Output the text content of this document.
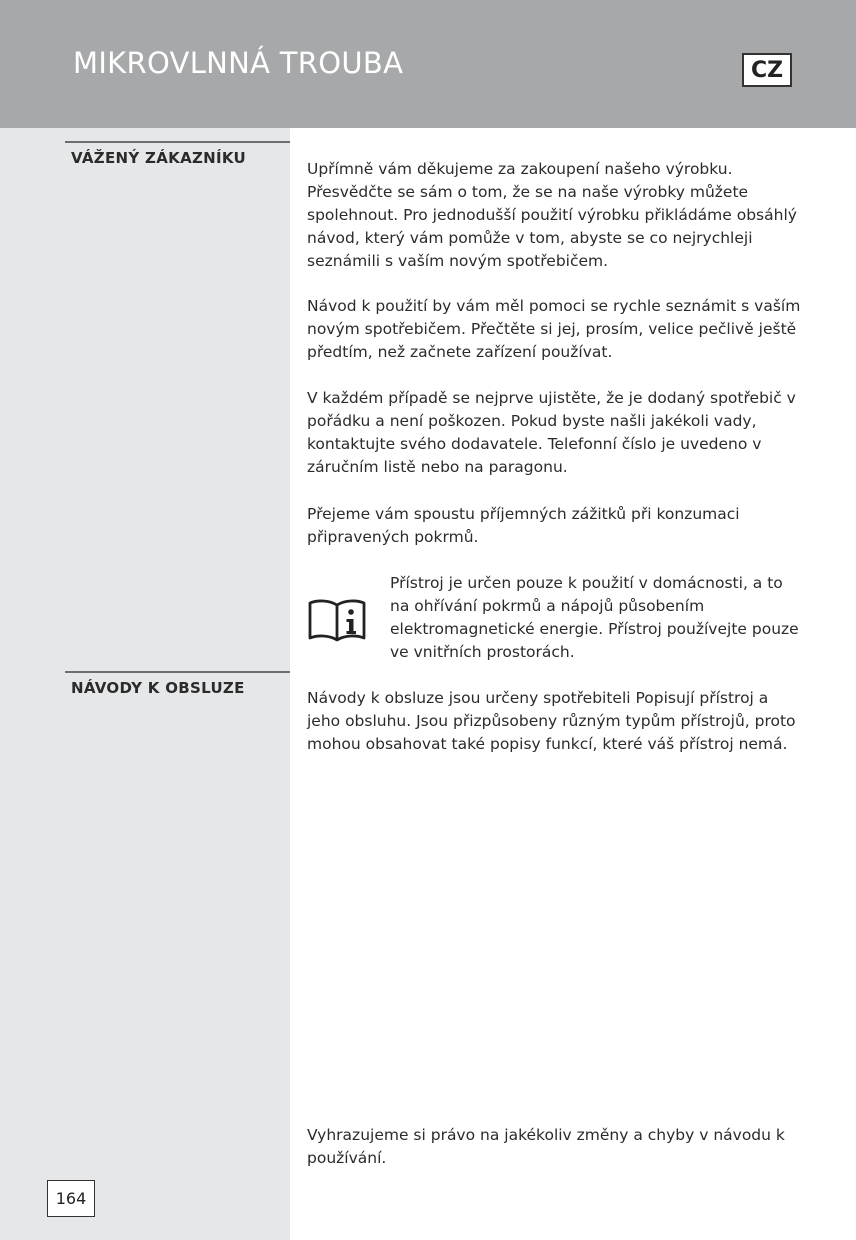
MIKROVLNNÁ TROUBA	CZ
VÁŽENÝ ZÁKAZNÍKU

Upřímně vám děkujeme za zakoupení našeho výrobku. Přesvědčte se sám o tom, že se na naše výrobky můžete spolehnout. Pro jednodušší použití výrobku přikládáme obsáhlý návod, který vám pomůže v tom, abyste se co nejrychleji seznámili s vaším novým spotřebičem.

Návod k použití by vám měl pomoci se rychle seznámit s vaším novým spotřebičem. Přečtěte si jej, prosím, velice pečlivě ještě předtím, než začnete zařízení používat.

V každém případě se nejprve ujistěte, že je dodaný spotřebič v pořádku a není poškozen. Pokud byste našli jakékoli vady, kontaktujte svého dodavatele. Telefonní číslo je uvedeno v záručním listě nebo na paragonu.

Přejeme vám spoustu příjemných zážitků při konzumaci připravených pokrmů.

Přístroj je určen pouze k použití v domácnosti, a to na ohřívání pokrmů a nápojů působením elektromagnetické energie. Přístroj používejte pouze ve vnitřních prostorách.

NÁVODY K OBSLUZE

Návody k obsluze jsou určeny spotřebiteli Popisují přístroj a jeho obsluhu. Jsou přizpůsobeny různým typům přístrojů, proto mohou obsahovat také popisy funkcí, které váš přístroj nemá.

Vyhrazujeme si právo na jakékoliv změny a chyby v návodu k používání.

164
